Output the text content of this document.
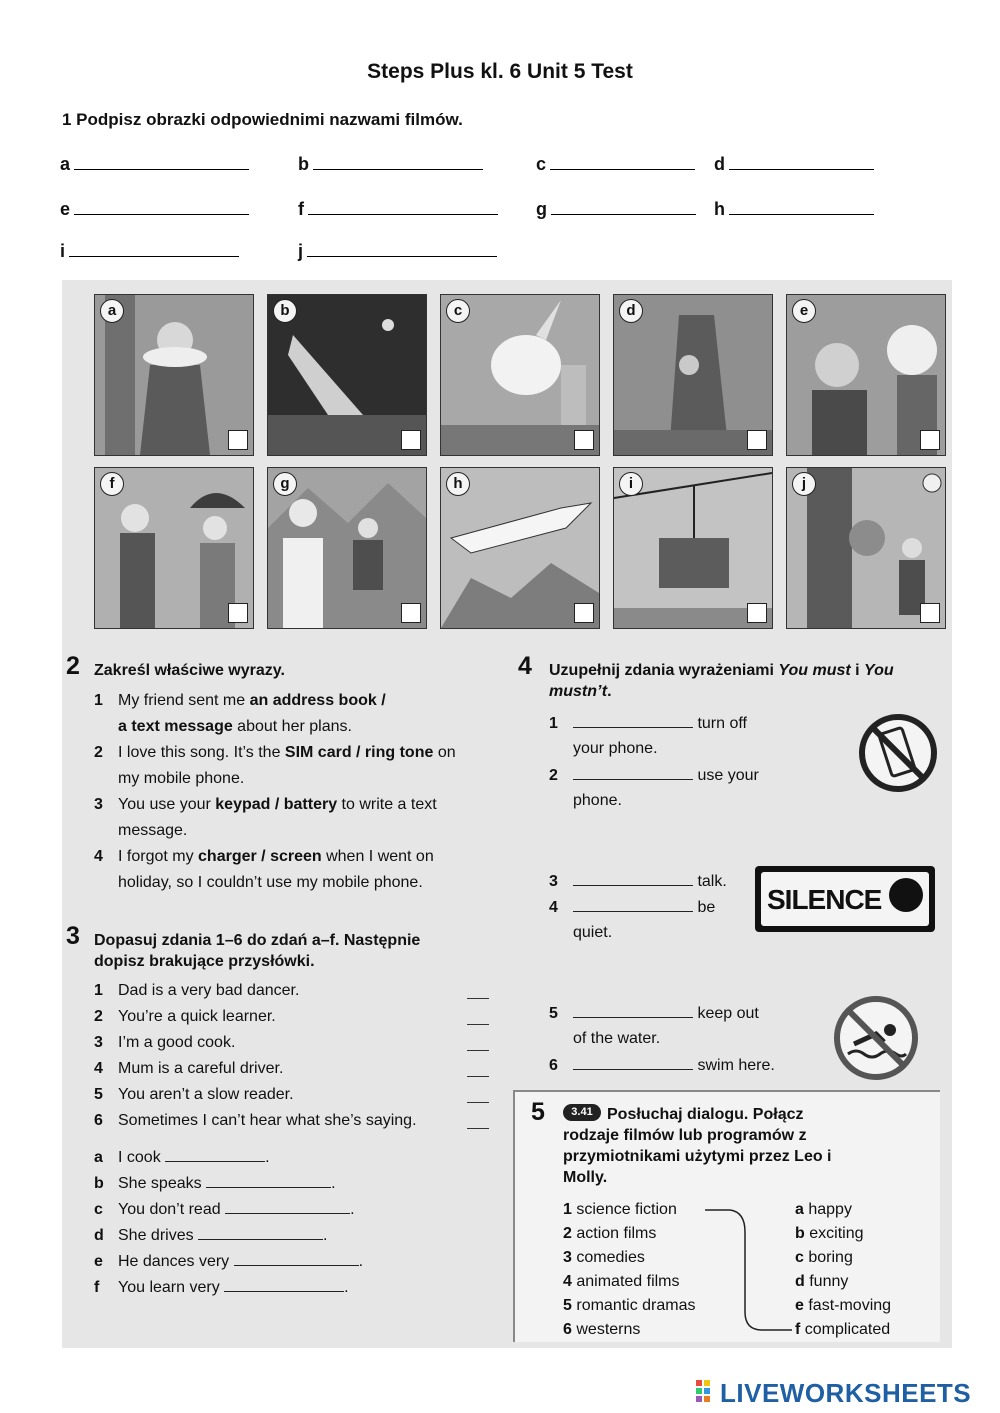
Steps Plus kl. 6 Unit 5 Test
1 Podpisz obrazki odpowiednimi nazwami filmów.
a	b	c	d
e	f	g	h
i	j
a	b	c	d	e
f	g	h	i	j
2 Zakreśl właściwe wyrazy.
1 My friend sent me an address book /
a text message about her plans.
2 I love this song. It’s the SIM card / ring tone on
my mobile phone.
3 You use your keypad / battery to write a text
message.
4 I forgot my charger / screen when I went on
holiday, so I couldn’t use my mobile phone.
3 Dopasuj zdania 1–6 do zdań a–f. Następnie
dopisz brakujące przysłówki.
1 Dad is a very bad dancer.
2 You’re a quick learner.
3 I’m a good cook.
4 Mum is a careful driver.
5 You aren’t a slow reader.
6 Sometimes I can’t hear what she’s saying.
a I cook	.
b She speaks	.
c You don’t read	.
d She drives	.
e He dances very	.
f You learn very	.
4 Uzupełnij zdania wyrażeniami You must i You
mustn’t.
1	turn off
your phone.
2	use your
phone.
3	talk.
4	be
quiet.
5	keep out
of the water.
6	swim here.
SILENCE
5	3.41 Posłuchaj dialogu. Połącz
rodzaje filmów lub programów z
przymiotnikami użytymi przez Leo i
Molly.
1 science fiction
2 action films
3 comedies
4 animated films
5 romantic dramas
6 westerns
a happy
b exciting
c boring
d funny
e fast-moving
f complicated
LIVEWORKSHEETS
